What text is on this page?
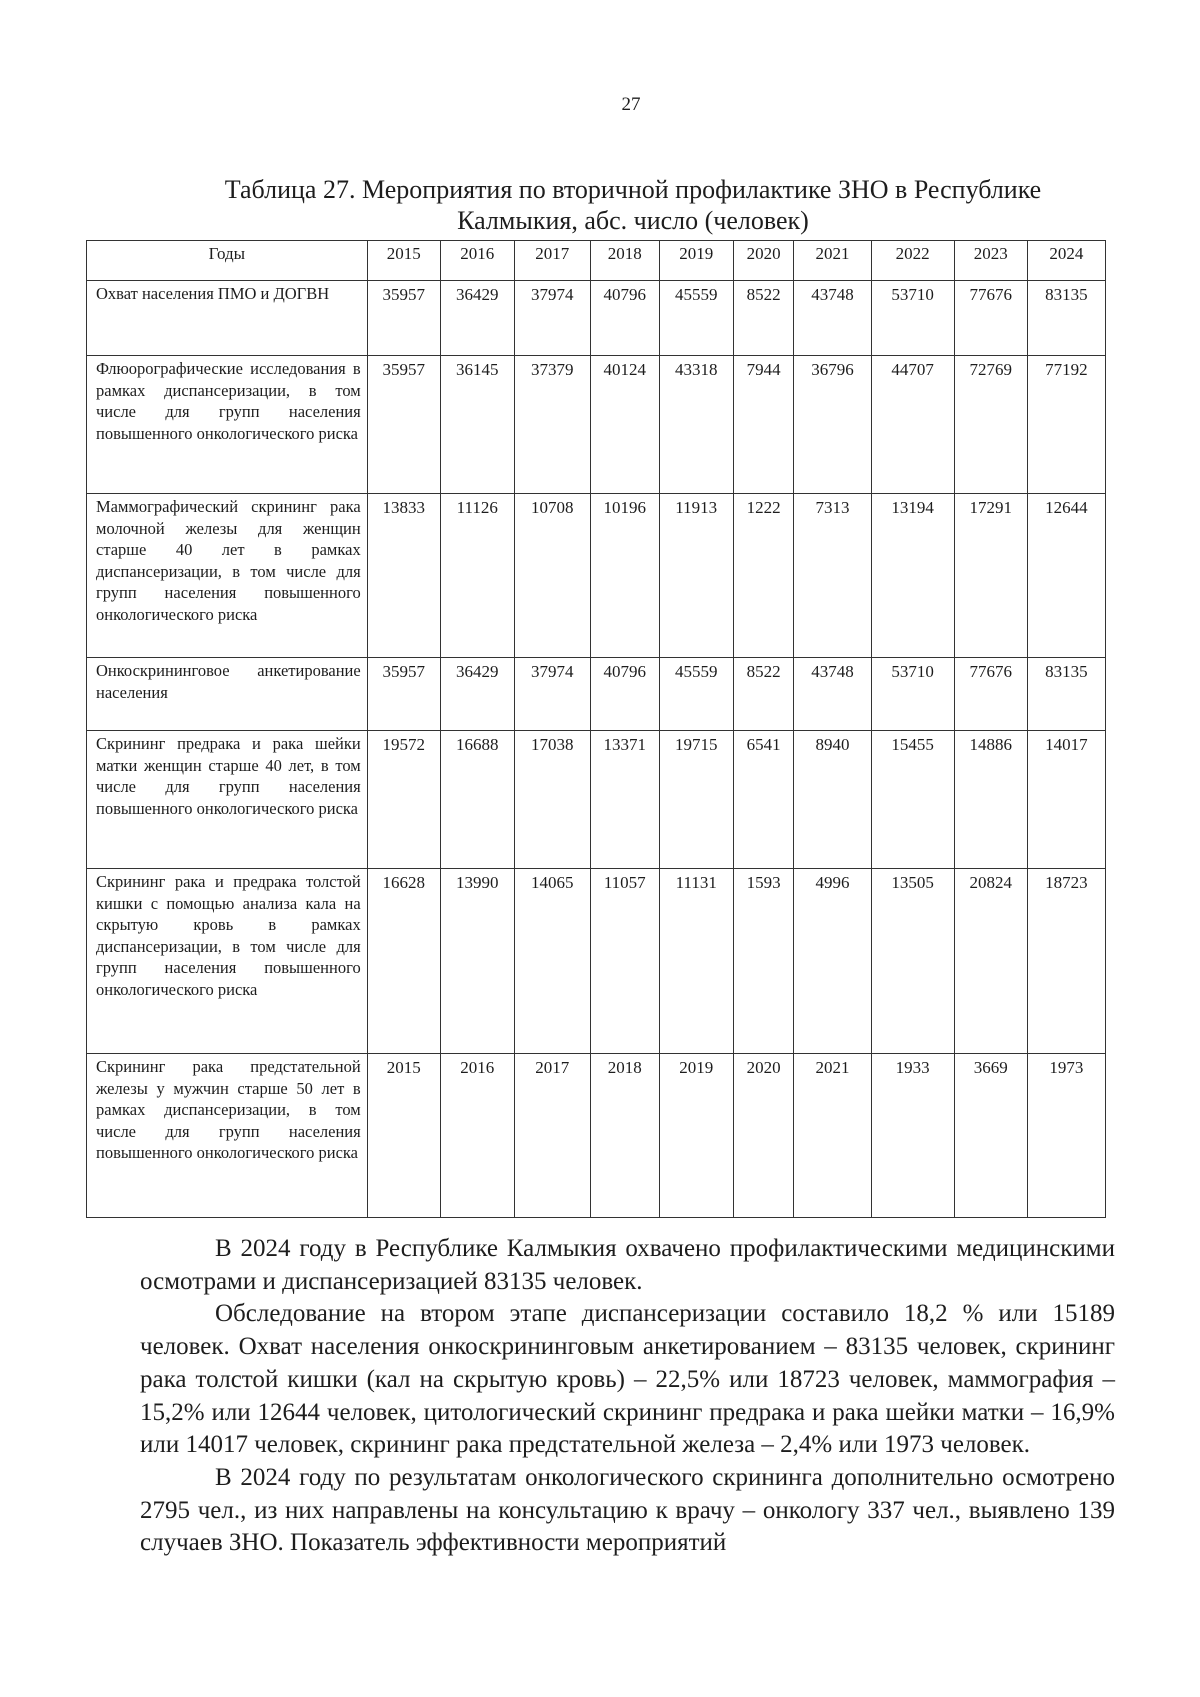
27
Таблица 27. Мероприятия по вторичной профилактике ЗНО в Республике Калмыкия, абс. число (человек)
Годы	2015	2016	2017	2018	2019	2020	2021	2022	2023	2024
Охват населения ПМО и ДОГВН	35957	36429	37974	40796	45559	8522	43748	53710	77676	83135
Флюорографические исследования в рамках диспансеризации, в том числе для групп населения повышенного онкологического риска	35957	36145	37379	40124	43318	7944	36796	44707	72769	77192
Маммографический скрининг рака молочной железы для женщин старше 40 лет в рамках диспансеризации, в том числе для групп населения повышенного онкологического риска	13833	11126	10708	10196	11913	1222	7313	13194	17291	12644
Онкоскрининговое анкетирование населения	35957	36429	37974	40796	45559	8522	43748	53710	77676	83135
Скрининг предрака и рака шейки матки женщин старше 40 лет, в том числе для групп населения повышенного онкологического риска	19572	16688	17038	13371	19715	6541	8940	15455	14886	14017
Скрининг рака и предрака толстой кишки с помощью анализа кала на скрытую кровь в рамках диспансеризации, в том числе для групп населения повышенного онкологического риска	16628	13990	14065	11057	11131	1593	4996	13505	20824	18723
Скрининг рака предстательной железы у мужчин старше 50 лет в рамках диспансеризации, в том числе для групп населения повышенного онкологического риска	2015	2016	2017	2018	2019	2020	2021	1933	3669	1973

В 2024 году в Республике Калмыкия охвачено профилактическими медицинскими осмотрами и диспансеризацией 83135 человек.

Обследование на втором этапе диспансеризации составило 18,2 % или 15189 человек. Охват населения онкоскрининговым анкетированием – 83135 человек, скрининг рака толстой кишки (кал на скрытую кровь) – 22,5% или 18723 человек, маммография – 15,2% или 12644 человек, цитологический скрининг предрака и рака шейки матки – 16,9% или 14017 человек, скрининг рака предстательной железа – 2,4% или 1973 человек.

В 2024 году по результатам онкологического скрининга дополнительно осмотрено 2795 чел., из них направлены на консультацию к врачу – онкологу 337 чел., выявлено 139 случаев ЗНО. Показатель эффективности мероприятий
